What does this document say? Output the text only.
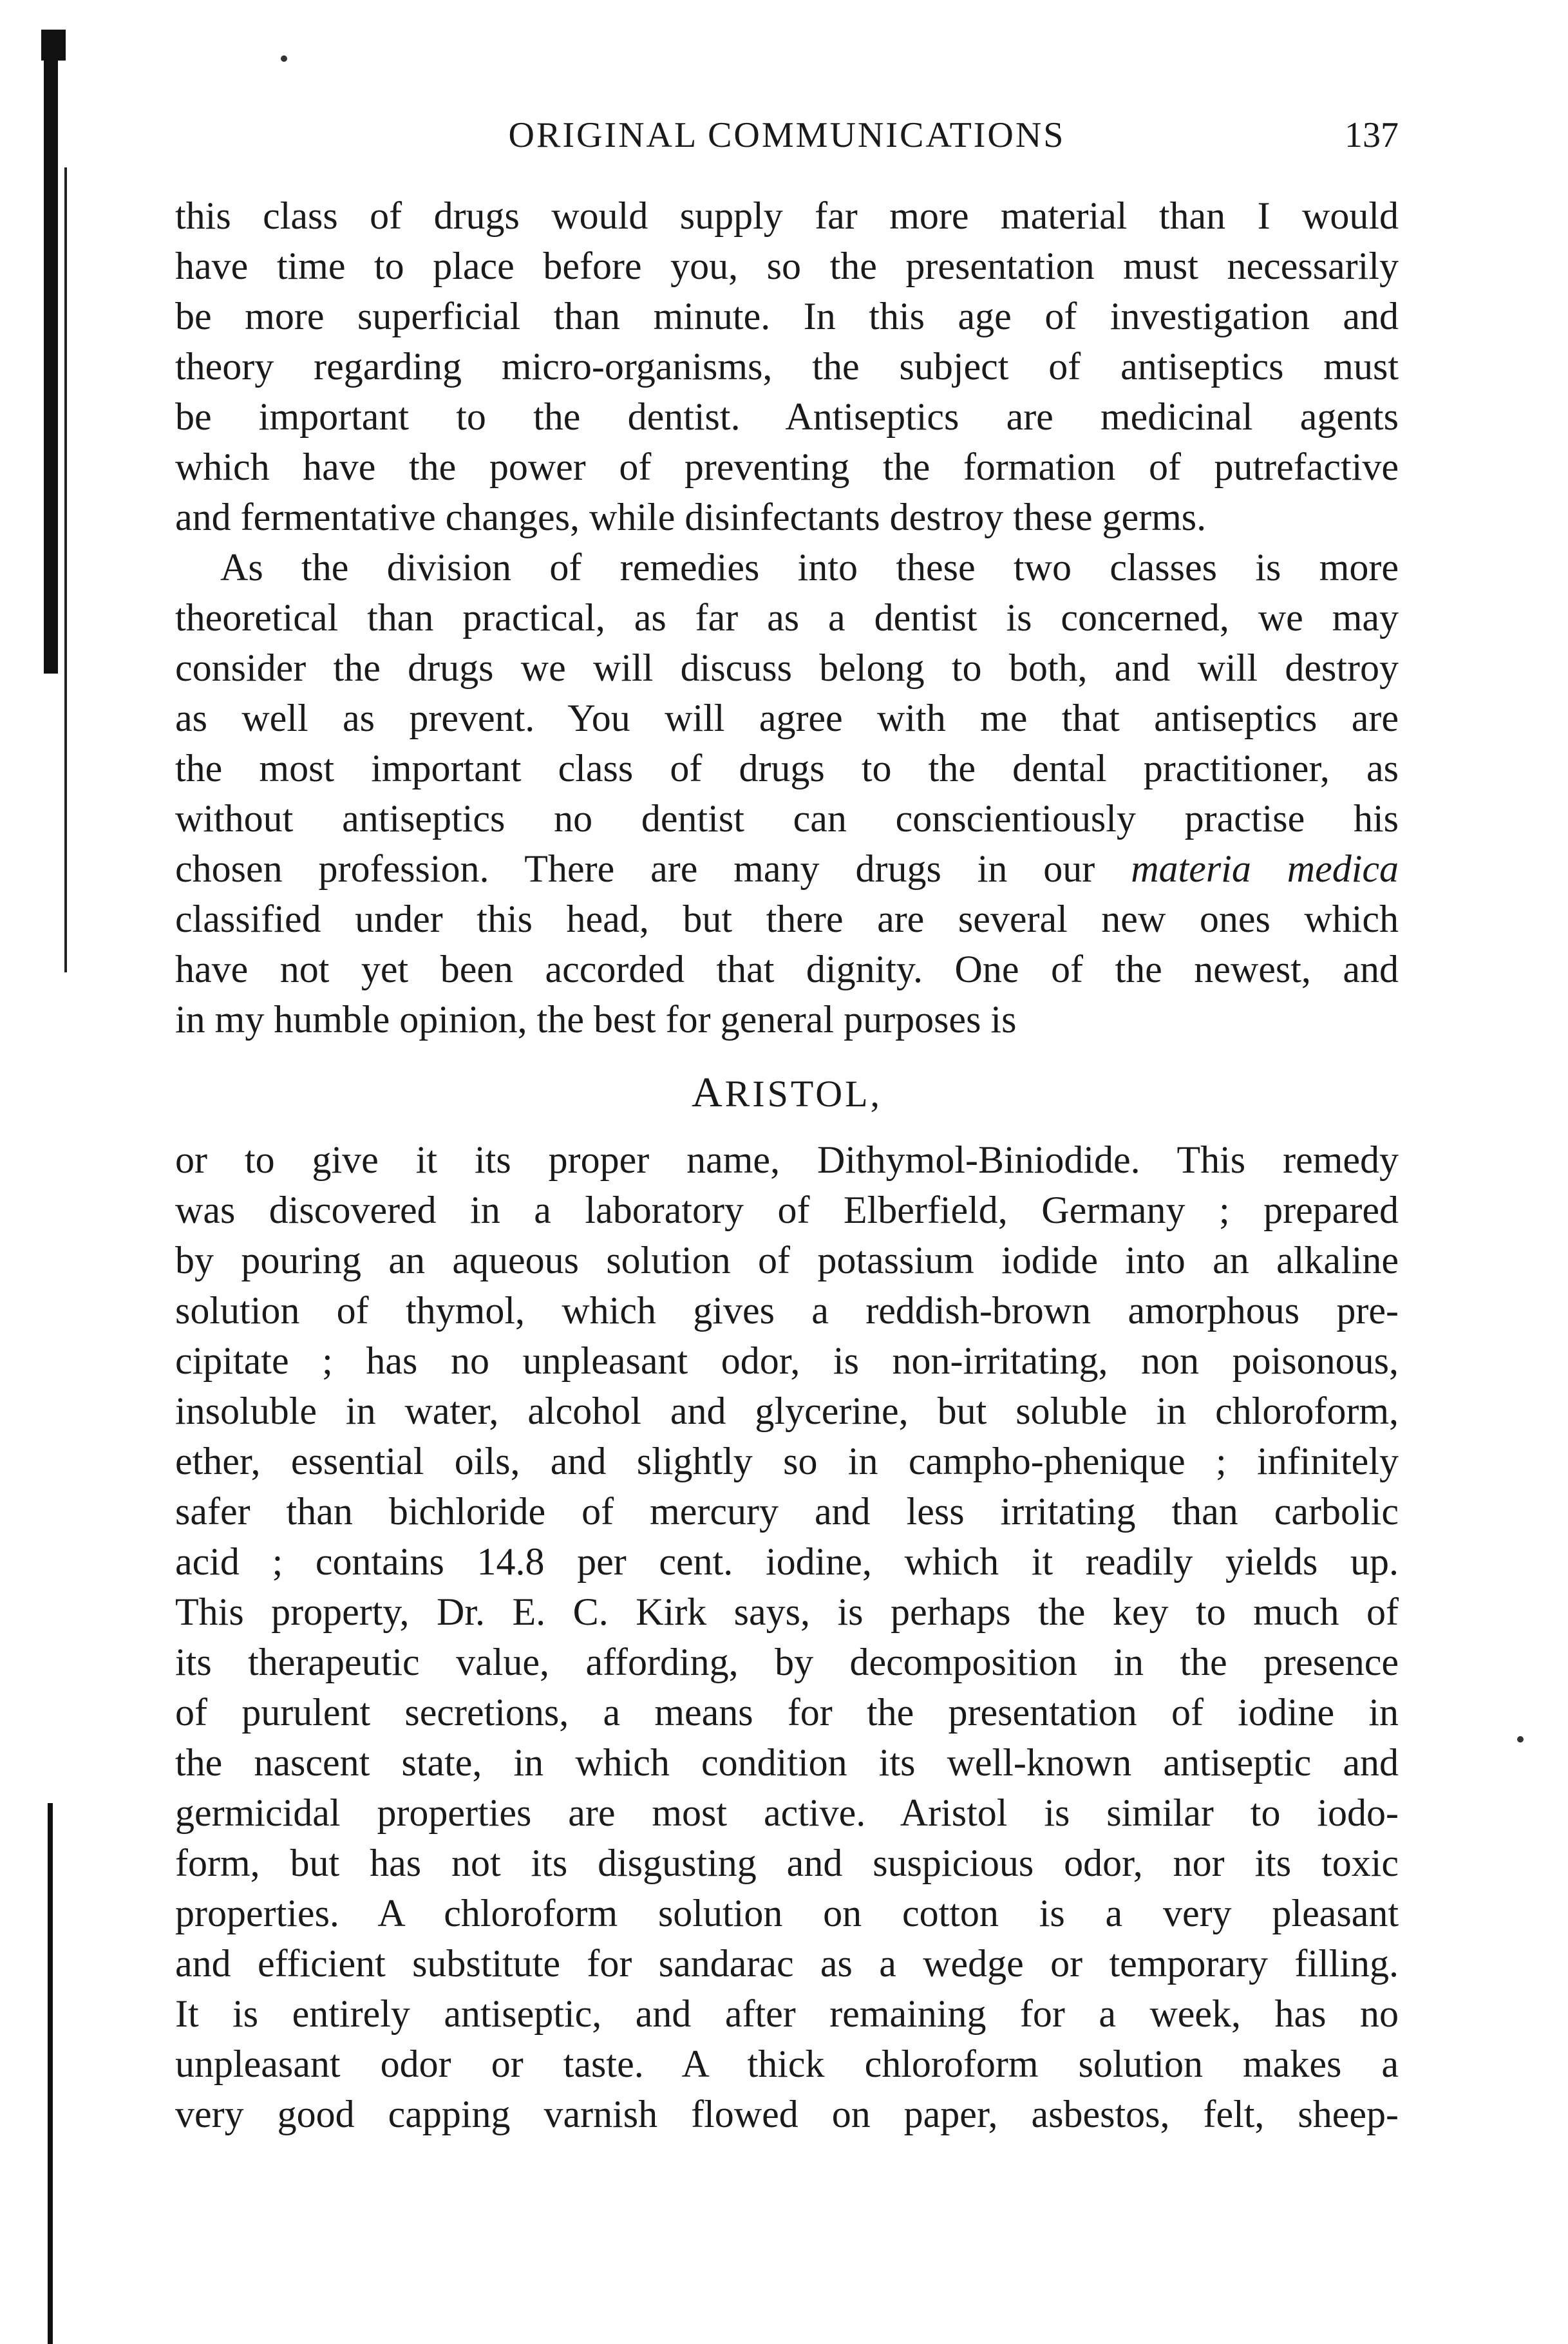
ORIGINAL COMMUNICATIONS	137
this class of drugs would supply far more material than I would
have time to place before you, so the presentation must necessarily
be more superficial than minute. In this age of investigation and
theory regarding micro-organisms, the subject of antiseptics must
be important to the dentist. Antiseptics are medicinal agents
which have the power of preventing the formation of putrefactive
and fermentative changes, while disinfectants destroy these germs.
As the division of remedies into these two classes is more
theoretical than practical, as far as a dentist is concerned, we may
consider the drugs we will discuss belong to both, and will destroy
as well as prevent. You will agree with me that antiseptics are
the most important class of drugs to the dental practitioner, as
without antiseptics no dentist can conscientiously practise his
chosen profession. There are many drugs in our materia medica
classified under this head, but there are several new ones which
have not yet been accorded that dignity. One of the newest, and
in my humble opinion, the best for general purposes is
ARISTOL,
or to give it its proper name, Dithymol-Biniodide. This remedy
was discovered in a laboratory of Elberfield, Germany ; prepared
by pouring an aqueous solution of potassium iodide into an alkaline
solution of thymol, which gives a reddish-brown amorphous pre-
cipitate ; has no unpleasant odor, is non-irritating, non poisonous,
insoluble in water, alcohol and glycerine, but soluble in chloroform,
ether, essential oils, and slightly so in campho-phenique ; infinitely
safer than bichloride of mercury and less irritating than carbolic
acid ; contains 14.8 per cent. iodine, which it readily yields up.
This property, Dr. E. C. Kirk says, is perhaps the key to much of
its therapeutic value, affording, by decomposition in the presence
of purulent secretions, a means for the presentation of iodine in
the nascent state, in which condition its well-known antiseptic and
germicidal properties are most active. Aristol is similar to iodo-
form, but has not its disgusting and suspicious odor, nor its toxic
properties. A chloroform solution on cotton is a very pleasant
and efficient substitute for sandarac as a wedge or temporary filling.
It is entirely antiseptic, and after remaining for a week, has no
unpleasant odor or taste. A thick chloroform solution makes a
very good capping varnish flowed on paper, asbestos, felt, sheep-
